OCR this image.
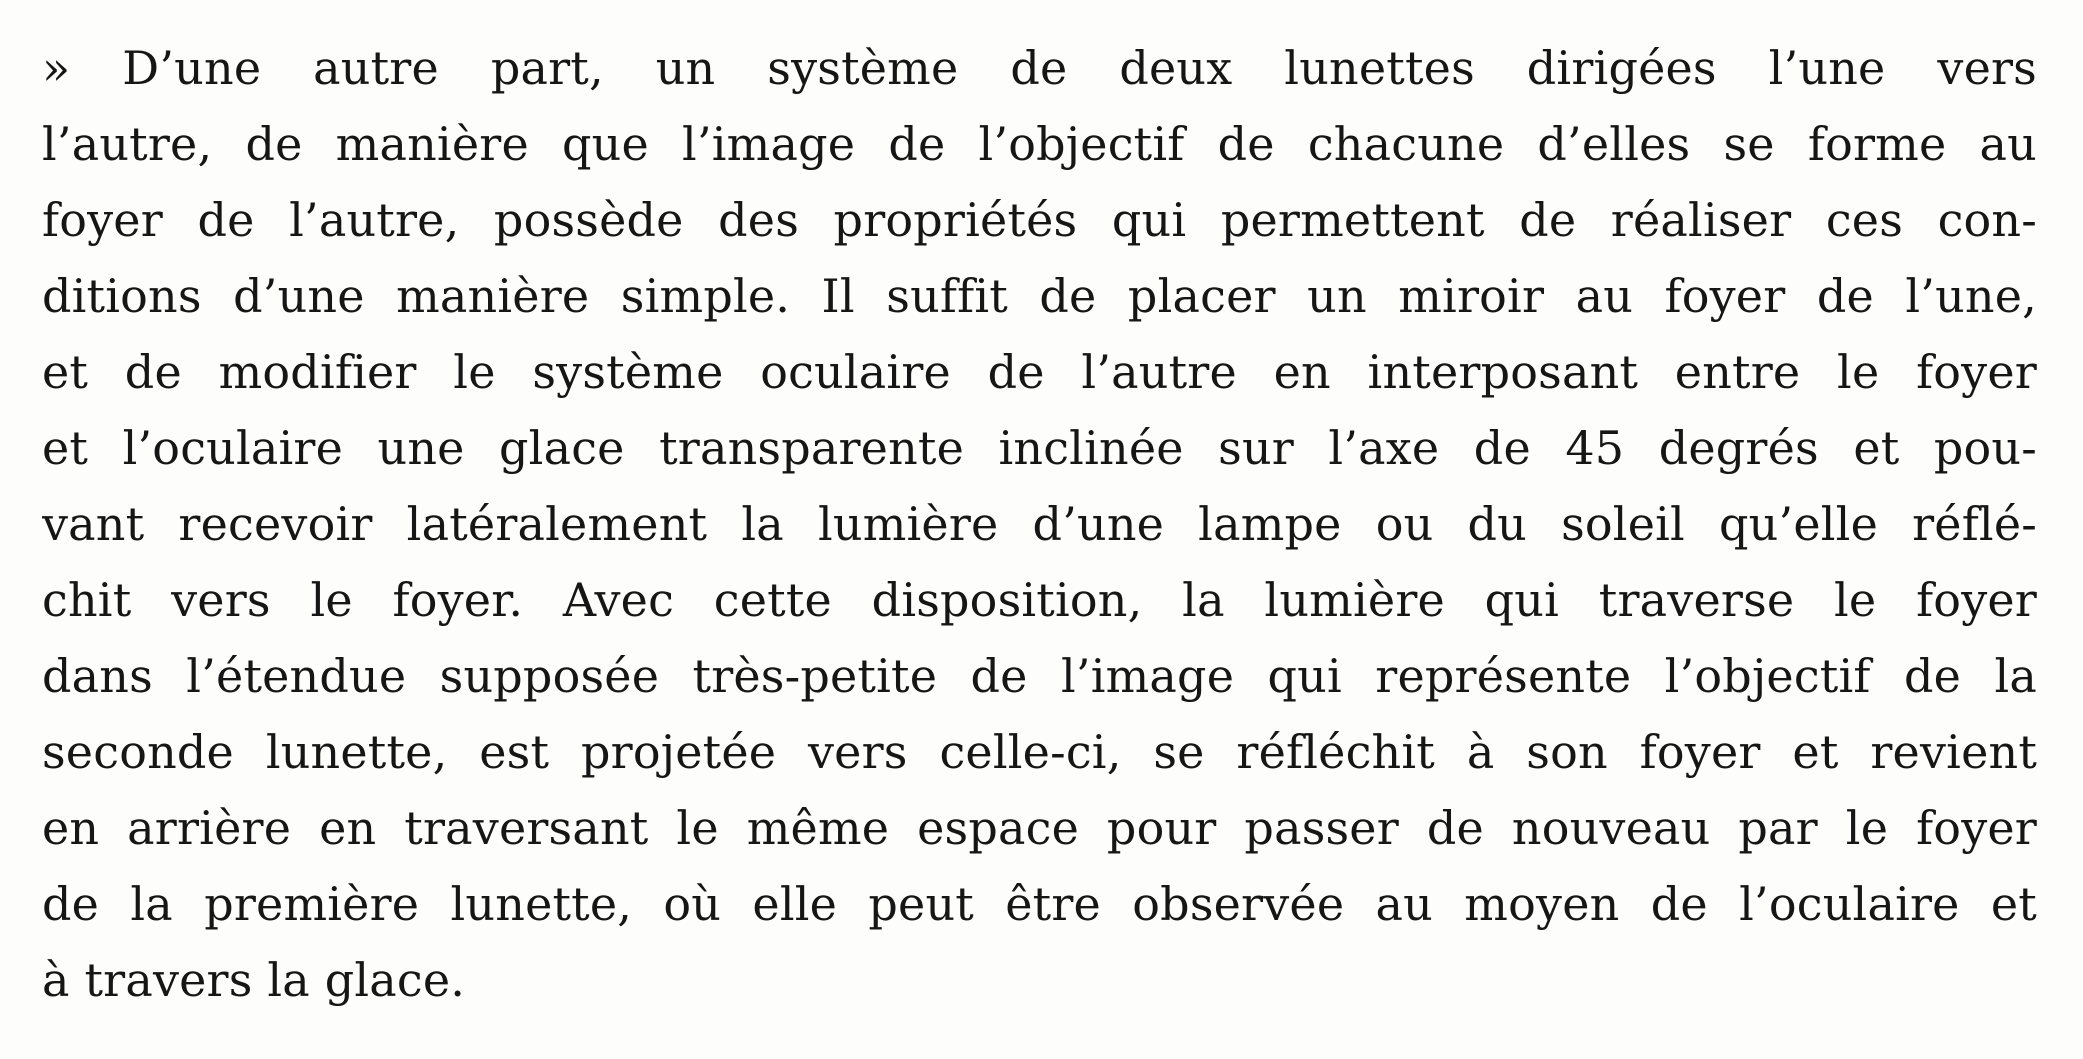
» D’une autre part, un système de deux lunettes dirigées l’une vers
l’autre, de manière que l’image de l’objectif de chacune d’elles se forme au
foyer de l’autre, possède des propriétés qui permettent de réaliser ces con-
ditions d’une manière simple. Il suffit de placer un miroir au foyer de l’une,
et de modifier le système oculaire de l’autre en interposant entre le foyer
et l’oculaire une glace transparente inclinée sur l’axe de 45 degrés et pou-
vant recevoir latéralement la lumière d’une lampe ou du soleil qu’elle réflé-
chit vers le foyer. Avec cette disposition, la lumière qui traverse le foyer
dans l’étendue supposée très-petite de l’image qui représente l’objectif de la
seconde lunette, est projetée vers celle-ci, se réfléchit à son foyer et revient
en arrière en traversant le même espace pour passer de nouveau par le foyer
de la première lunette, où elle peut être observée au moyen de l’oculaire et
à travers la glace.
